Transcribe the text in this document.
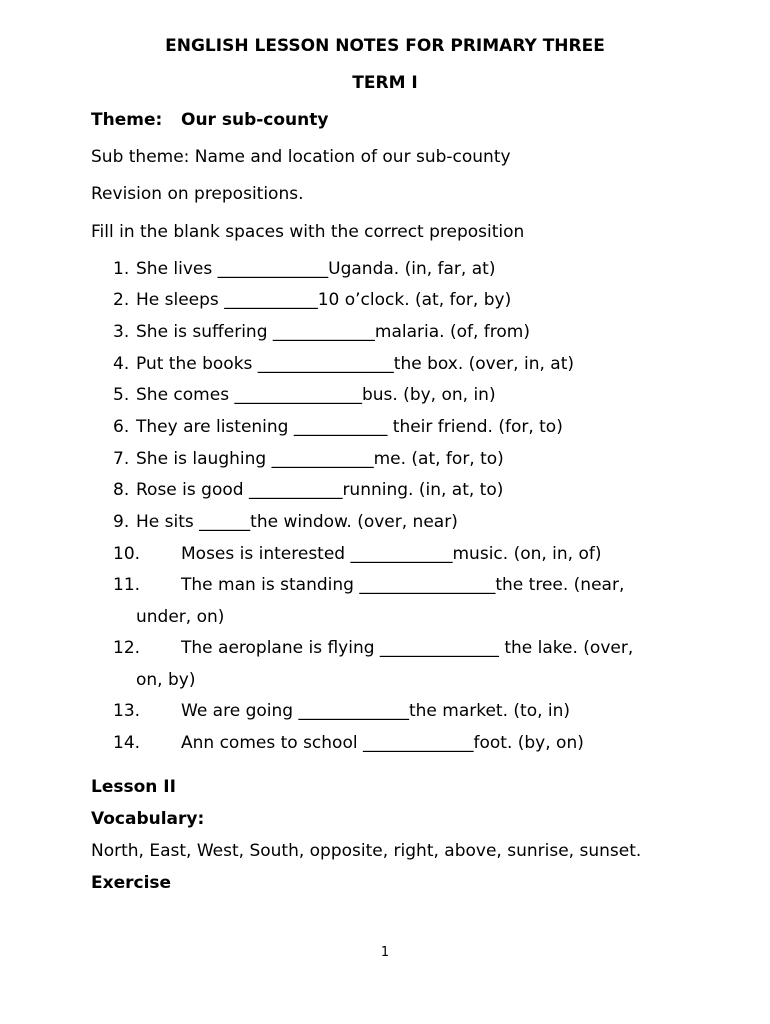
ENGLISH LESSON NOTES FOR PRIMARY THREE
TERM I
Theme: Our sub-county
Sub theme: Name and location of our sub-county
Revision on prepositions.
Fill in the blank spaces with the correct preposition
1. She lives _____________Uganda. (in, far, at)
2. He sleeps ___________10 o’clock. (at, for, by)
3. She is suffering ____________malaria. (of, from)
4. Put the books ________________the box. (over, in, at)
5. She comes _______________bus. (by, on, in)
6. They are listening ___________ their friend. (for, to)
7. She is laughing ____________me. (at, for, to)
8. Rose is good ___________running. (in, at, to)
9. He sits ______the window. (over, near)
10. Moses is interested ____________music. (on, in, of)
11. The man is standing ________________the tree. (near,
under, on)
12. The aeroplane is flying ______________ the lake. (over,
on, by)
13. We are going _____________the market. (to, in)
14. Ann comes to school _____________foot. (by, on)
Lesson II
Vocabulary:
North, East, West, South, opposite, right, above, sunrise, sunset.
Exercise
1
